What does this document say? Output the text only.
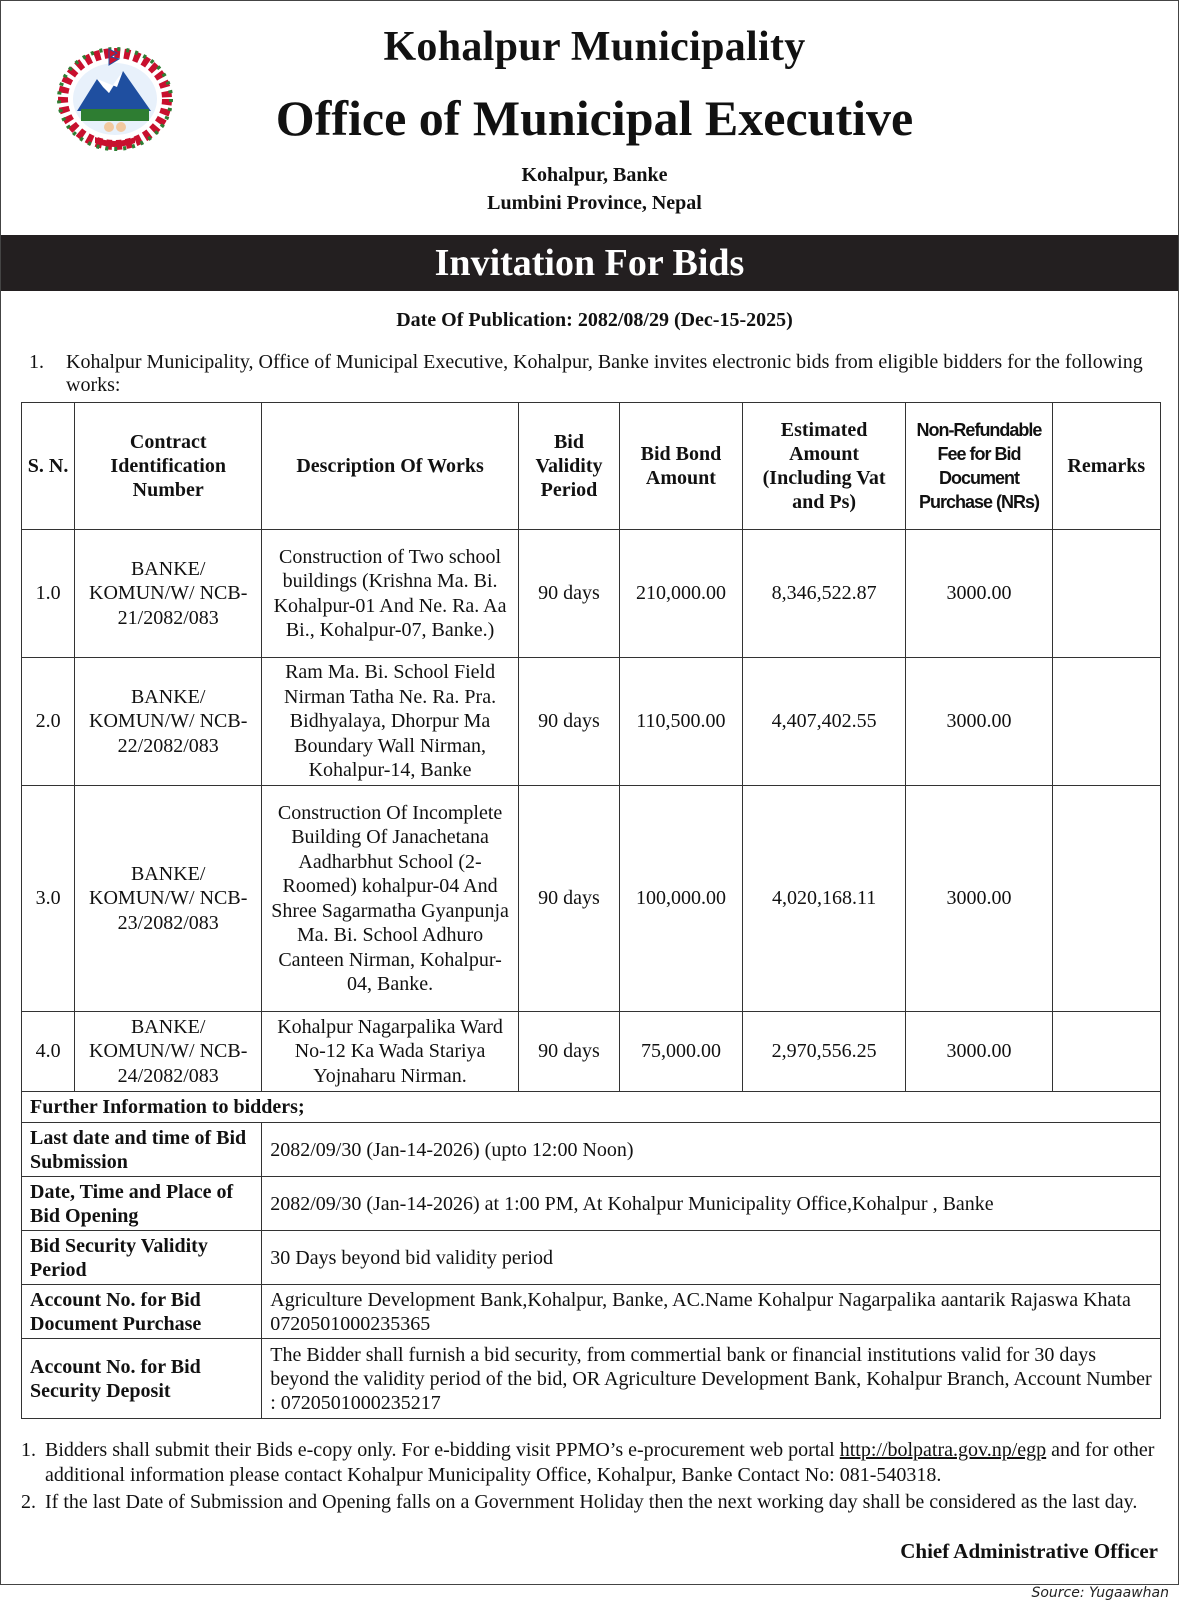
Kohalpur Municipality
Office of Municipal Executive
Kohalpur, Banke
Lumbini Province, Nepal
Invitation For Bids
Date Of Publication: 2082/08/29 (Dec-15-2025)
1. Kohalpur Municipality, Office of Municipal Executive, Kohalpur, Banke invites electronic bids from eligible bidders for the following works:
S. N.	Contract Identification Number	Description Of Works	Bid Validity Period	Bid Bond Amount	Estimated Amount (Including Vat and Ps)	Non-Refundable Fee for Bid Document Purchase (NRs)	Remarks
1.0	BANKE/ KOMUN/W/ NCB-21/2082/083	Construction of Two school buildings (Krishna Ma. Bi. Kohalpur-01 And Ne. Ra. Aa Bi., Kohalpur-07, Banke.)	90 days	210,000.00	8,346,522.87	3000.00	
2.0	BANKE/ KOMUN/W/ NCB-22/2082/083	Ram Ma. Bi. School Field Nirman Tatha Ne. Ra. Pra. Bidhyalaya, Dhorpur Ma Boundary Wall Nirman, Kohalpur-14, Banke	90 days	110,500.00	4,407,402.55	3000.00	
3.0	BANKE/ KOMUN/W/ NCB-23/2082/083	Construction Of Incomplete Building Of Janachetana Aadharbhut School (2-Roomed) kohalpur-04 And Shree Sagarmatha Gyanpunja Ma. Bi. School Adhuro Canteen Nirman, Kohalpur-04, Banke.	90 days	100,000.00	4,020,168.11	3000.00	
4.0	BANKE/ KOMUN/W/ NCB-24/2082/083	Kohalpur Nagarpalika Ward No-12 Ka Wada Stariya Yojnaharu Nirman.	90 days	75,000.00	2,970,556.25	3000.00	
Further Information to bidders;							
Last date and time of Bid Submission		2082/09/30 (Jan-14-2026) (upto 12:00 Noon)					
Date, Time and Place of Bid Opening		2082/09/30 (Jan-14-2026) at 1:00 PM, At Kohalpur Municipality Office,Kohalpur , Banke					
Bid Security Validity Period		30 Days beyond bid validity period					
Account No. for Bid Document Purchase		Agriculture Development Bank,Kohalpur, Banke, AC.Name Kohalpur Nagarpalika aantarik Rajaswa Khata 0720501000235365					
Account No. for Bid Security Deposit		The Bidder shall furnish a bid security, from commertial bank or financial institutions valid for 30 days beyond the validity period of the bid, OR Agriculture Development Bank, Kohalpur Branch, Account Number : 0720501000235217					
1. Bidders shall submit their Bids e-copy only. For e-bidding visit PPMO’s e-procurement web portal http://bolpatra.gov.np/egp and for other additional information please contact Kohalpur Municipality Office, Kohalpur, Banke Contact No: 081-540318.
2. If the last Date of Submission and Opening falls on a Government Holiday then the next working day shall be considered as the last day.
Chief Administrative Officer
Source: Yugaawhan
